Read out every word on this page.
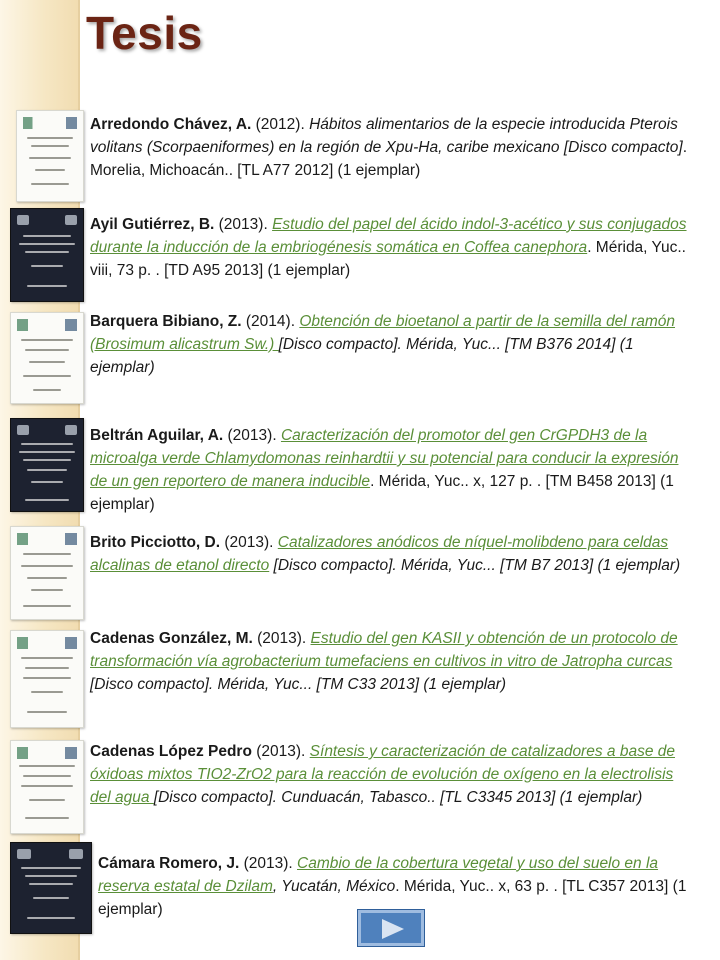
Tesis
Arredondo Chávez, A. (2012). Hábitos alimentarios de la especie introducida Pterois volitans (Scorpaeniformes) en la región de Xpu-Ha, caribe mexicano [Disco compacto]. Morelia, Michoacán.. [TL A77 2012] (1 ejemplar)
Ayil Gutiérrez, B. (2013). Estudio del papel del ácido indol-3-acético y sus conjugados durante la inducción de la embriogénesis somática en Coffea canephora. Mérida, Yuc.. viii, 73 p. . [TD A95 2013] (1 ejemplar)
Barquera Bibiano, Z. (2014). Obtención de bioetanol a partir de la semilla del ramón (Brosimum alicastrum Sw.) [Disco compacto]. Mérida, Yuc... [TM B376 2014] (1 ejemplar)
Beltrán Aguilar, A. (2013). Caracterización del promotor del gen CrGPDH3 de la microalga verde Chlamydomonas reinhardtii y su potencial para conducir la expresión de un gen reportero de manera inducible. Mérida, Yuc.. x, 127 p. . [TM B458 2013] (1 ejemplar)
Brito Picciotto, D. (2013). Catalizadores anódicos de níquel-molibdeno para celdas alcalinas de etanol directo [Disco compacto]. Mérida, Yuc... [TM B7 2013] (1 ejemplar)
Cadenas González, M. (2013). Estudio del gen KASII y obtención de un protocolo de transformación vía agrobacterium tumefaciens en cultivos in vitro de Jatropha curcas [Disco compacto]. Mérida, Yuc... [TM C33 2013] (1 ejemplar)
Cadenas López Pedro (2013). Síntesis y caracterización de catalizadores a base de óxidoas mixtos TIO2-ZrO2 para la reacción de evolución de oxígeno en la electrolisis del agua [Disco compacto]. Cunduacán, Tabasco.. [TL C3345 2013] (1 ejemplar)
Cámara Romero, J. (2013). Cambio de la cobertura vegetal y uso del suelo en la reserva estatal de Dzilam, Yucatán, México. Mérida, Yuc.. x, 63 p. . [TL C357 2013] (1 ejemplar)
